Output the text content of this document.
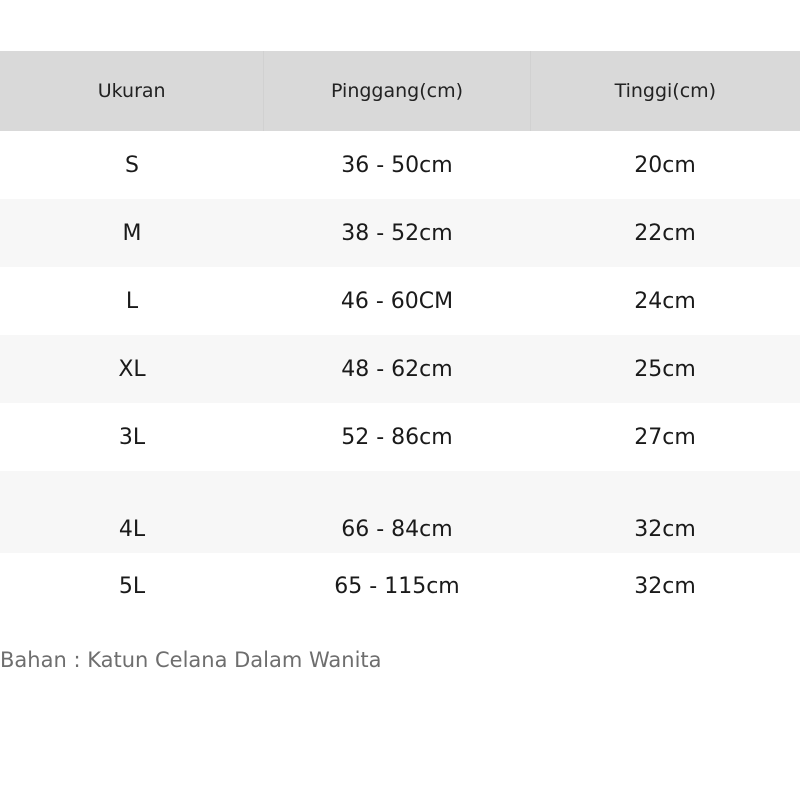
Ukuran	Pinggang(cm)	Tinggi(cm)
S	36 - 50cm	20cm
M	38 - 52cm	22cm
L	46 - 60CM	24cm
XL	48 - 62cm	25cm
3L	52 - 86cm	27cm
4L	66 - 84cm	32cm
5L	65 - 115cm	32cm
Bahan : Katun Celana Dalam Wanita
